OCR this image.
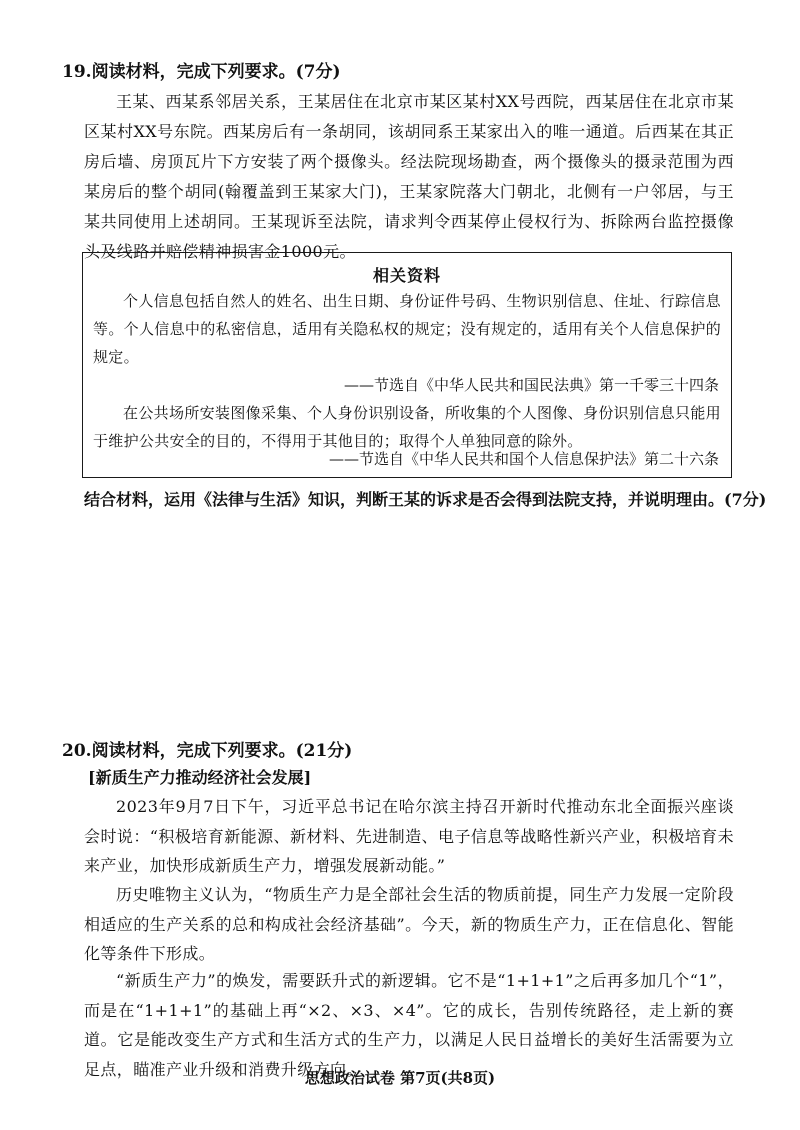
19.阅读材料，完成下列要求。(7分)
王某、西某系邻居关系，王某居住在北京市某区某村XX号西院，西某居住在北京市某区某村XX号东院。西某房后有一条胡同，该胡同系王某家出入的唯一通道。后西某在其正房后墙、房顶瓦片下方安装了两个摄像头。经法院现场勘查，两个摄像头的摄录范围为西某房后的整个胡同(翰覆盖到王某家大门)，王某家院落大门朝北，北侧有一户邻居，与王某共同使用上述胡同。王某现诉至法院，请求判令西某停止侵权行为、拆除两台监控摄像头及线路并赔偿精神损害金1000元。
相关资料
个人信息包括自然人的姓名、出生日期、身份证件号码、生物识别信息、住址、行踪信息等。个人信息中的私密信息，适用有关隐私权的规定；没有规定的，适用有关个人信息保护的规定。
——节选自《中华人民共和国民法典》第一千零三十四条
在公共场所安装图像采集、个人身份识别设备，所收集的个人图像、身份识别信息只能用于维护公共安全的目的，不得用于其他目的；取得个人单独同意的除外。
——节选自《中华人民共和国个人信息保护法》第二十六条
结合材料，运用《法律与生活》知识，判断王某的诉求是否会得到法院支持，并说明理由。(7分)
20.阅读材料，完成下列要求。(21分)
[新质生产力推动经济社会发展]
2023年9月7日下午，习近平总书记在哈尔滨主持召开新时代推动东北全面振兴座谈会时说：“积极培育新能源、新材料、先进制造、电子信息等战略性新兴产业，积极培育未来产业，加快形成新质生产力，增强发展新动能。”
历史唯物主义认为，“物质生产力是全部社会生活的物质前提，同生产力发展一定阶段相适应的生产关系的总和构成社会经济基础”。今天，新的物质生产力，正在信息化、智能化等条件下形成。
“新质生产力”的焕发，需要跃升式的新逻辑。它不是“1+1+1”之后再多加几个“1”，而是在“1+1+1”的基础上再“×2、×3、×4”。它的成长，告别传统路径，走上新的赛道。它是能改变生产方式和生活方式的生产力，以满足人民日益增长的美好生活需要为立足点，瞄准产业升级和消费升级方向。
思想政治试卷 第7页(共8页)
